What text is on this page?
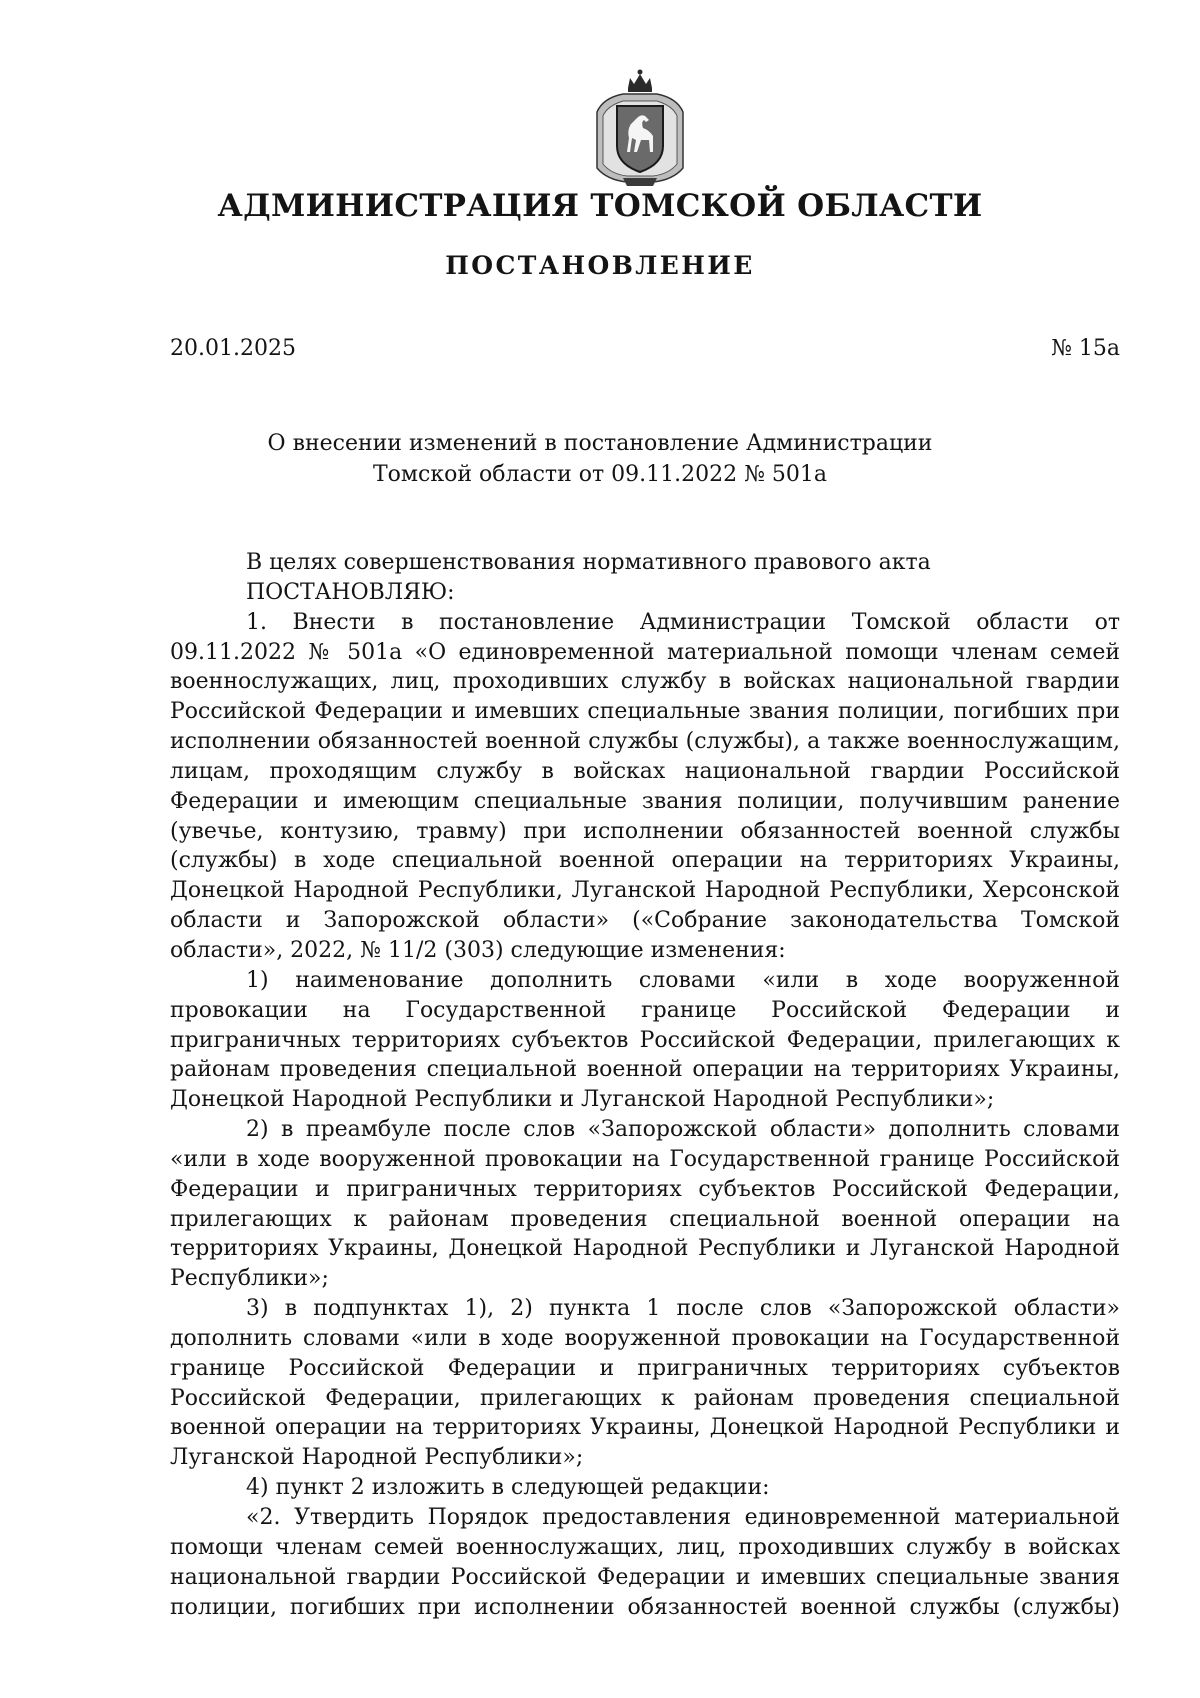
АДМИНИСТРАЦИЯ ТОМСКОЙ ОБЛАСТИ
ПОСТАНОВЛЕНИЕ
20.01.2025	№ 15а
О внесении изменений в постановление Администрации
Томской области от 09.11.2022 № 501а

В целях совершенствования нормативного правового акта

ПОСТАНОВЛЯЮ:

1. Внести в постановление Администрации Томской области от 09.11.2022 № 501а «О единовременной материальной помощи членам семей военнослужащих, лиц, проходивших службу в войсках национальной гвардии Российской Федерации и имевших специальные звания полиции, погибших при исполнении обязанностей военной службы (службы), а также военнослужащим, лицам, проходящим службу в войсках национальной гвардии Российской Федерации и имеющим специальные звания полиции, получившим ранение (увечье, контузию, травму) при исполнении обязанностей военной службы (службы) в ходе специальной военной операции на территориях Украины, Донецкой Народной Республики, Луганской Народной Республики, Херсонской области и Запорожской области» («Собрание законодательства Томской области», 2022, № 11/2 (303) следующие изменения:

1) наименование дополнить словами «или в ходе вооруженной провокации на Государственной границе Российской Федерации и приграничных территориях субъектов Российской Федерации, прилегающих к районам проведения специальной военной операции на территориях Украины, Донецкой Народной Республики и Луганской Народной Республики»;

2) в преамбуле после слов «Запорожской области» дополнить словами «или в ходе вооруженной провокации на Государственной границе Российской Федерации и приграничных территориях субъектов Российской Федерации, прилегающих к районам проведения специальной военной операции на территориях Украины, Донецкой Народной Республики и Луганской Народной Республики»;

3) в подпунктах 1), 2) пункта 1 после слов «Запорожской области» дополнить словами «или в ходе вооруженной провокации на Государственной границе Российской Федерации и приграничных территориях субъектов Российской Федерации, прилегающих к районам проведения специальной военной операции на территориях Украины, Донецкой Народной Республики и Луганской Народной Республики»;

4) пункт 2 изложить в следующей редакции:

«2. Утвердить Порядок предоставления единовременной материальной помощи членам семей военнослужащих, лиц, проходивших службу в войсках национальной гвардии Российской Федерации и имевших специальные звания полиции, погибших при исполнении обязанностей военной службы (службы)
